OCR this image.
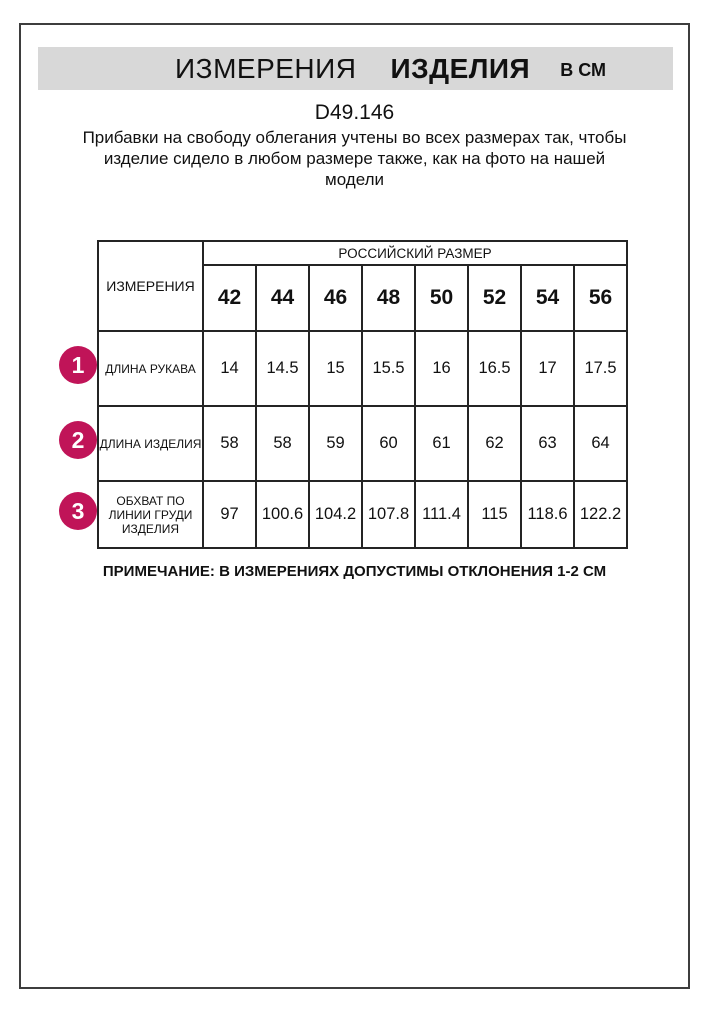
ИЗМЕРЕНИЯ ИЗДЕЛИЯ В СМ
D49.146
Прибавки на свободу облегания учтены во всех размерах так, чтобы
изделие сидело в любом размере также, как на фото на нашей
модели
ИЗМЕРЕНИЯ	РОССИЙСКИЙ РАЗМЕР							
	42	44	46	48	50	52	54	56
ДЛИНА РУКАВА	14	14.5	15	15.5	16	16.5	17	17.5
ДЛИНА ИЗДЕЛИЯ	58	58	59	60	61	62	63	64
ОБХВАТ ПО ЛИНИИ ГРУДИ ИЗДЕЛИЯ	97	100.6	104.2	107.8	111.4	115	118.6	122.2
1
2
3
ПРИМЕЧАНИЕ: В ИЗМЕРЕНИЯХ ДОПУСТИМЫ ОТКЛОНЕНИЯ 1-2 СМ
